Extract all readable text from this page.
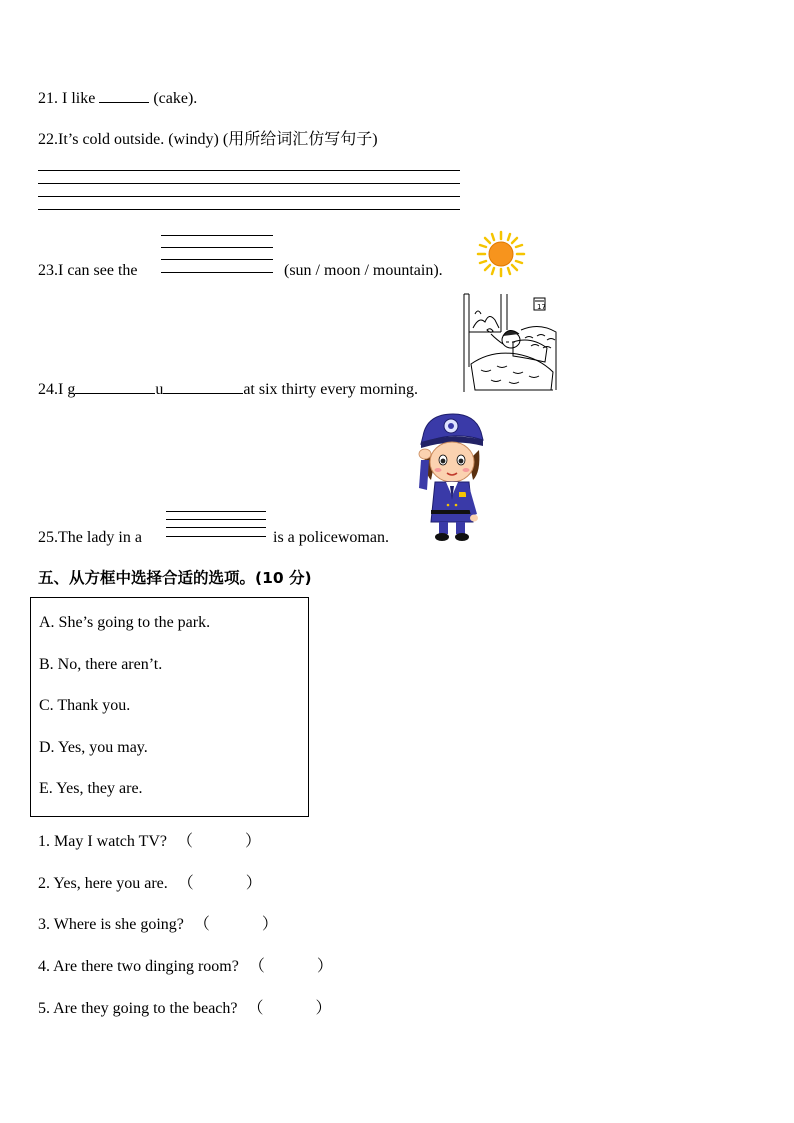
21. I like	(cake).
22.It’s cold outside. (windy) (用所给词汇仿写句子)
23.I can see the	(sun / moon / mountain).
24.I g	u	at six thirty every morning.
17
25.The lady in a	is a policewoman.
五、从方框中选择合适的选项。(10 分)
A. She’s going to the park.
B. No, there aren’t.
C. Thank you.
D. Yes, you may.
E. Yes, they are.
1. May I watch TV? （	）
2. Yes, here you are. （	）
3. Where is she going? （	）
4. Are there two dinging room? （	）
5. Are they going to the beach? （	）
